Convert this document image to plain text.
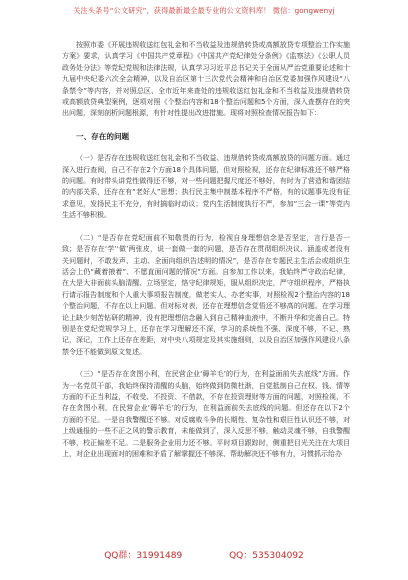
关注头条号“公文研究”，获得最新最全最专业的公文资料库！ 微信：gongwenyj

按照市委《开展违规收送红包礼金和不当收益及违规借转贷或高额放贷专项整治工作实施方案》要求，认真学习《中国共产党章程》《中国共产党纪律处分条例》《监察法》《公职人员政务处分法》等党纪党规和法律法规，认真学习习近平总书记关于全面从严治党重要论述和十九届中央纪委六次全会精神，以及自治区第十三次党代会精神和自治区党委加强作风建设“八条禁令”等内容，并对照总区、全市近年来查处的违规收送红包礼金和不当收益及违规借转贷或高额放贷典型案例，逐项对照《个整治内容和18个整治问题和5个方面，深入查摆存在的突出问题，深刻剖析问题根源，有针对性提出改进措施。现将对照检查情况报告如下：

一、存在的问题

（一）是否存在违规收送红包礼金和不当收益、违规借转贷或高额放贷的问题方面。通过深入进行查阅，自己不存在2个方面18个具体问题，但对照检视，还存在纪律标准还不够严格的问题。有时带头讲党性做得还不够，对一些问题把握尺度还不够好，有时为了营造和谐团结的内部关系，还存在有“老好人”思想；执行民主集中制基本程序不严格，有的议题事先没有征求意见，发扬民主不充分，有时搞临时动议；党内生活制度执行不严，参加“三会一课”等党内生活不够积极。

（二）“是否存在党纪面前不知敬畏的行为，检视自身理想信念是否坚定，言行是否一致；是否存在‘学’‘做’两张皮，说一套做一套的问题，是否存在贯彻组织决议、涵盖或者没有关问题时，不敢发声、主动、全面向组织告述明的情况”，是否存在专题民主生活会或组织生活会上仍“藏着掖着”、不愿直面问题的情况”方面。自参加工作以来，我始终严守政治纪律，在大是大非面前头脑清醒、立场坚定，恪守纪律规矩，服从组织决定，严守组织程序，严格执行请示报告制度和个人重大事项报告制度，做老实人、办老实事，对照检视2个整治内容的18个整治问题，不存在以上问题。但对标对表，还存在理想信念觉悟还不够高的问题。在学习理论上缺少刻苦钻研的精神，没有把理想信念融入到自己精神血液中，不断升华和完善自己。特别是在党纪党规学习上，还存在学习理解还不深，学习的系统性不强、深度不够，不记、熟记，深记，工作上还存在差距，对中央八项规定及其实施细则，以及自治区加强作风建设八条禁令还不能做到原文复述。

（三）“是否存在贪图小利，在民营企业‘薅羊毛’的行为，在利益面前失去底线”方面。作为一名党员干部，我始终保持清醒的头脑，始终做到防微杜渐，自觉抵制自己在权、钱、情等方面的不正当利益，不收受、不投资、不借款，不存在投资理财等方面的问题，对照检视，不存在贪图小利，在民营企业‘薅羊毛’的行为，在利益面前失去底线的问题。但还存在以下2个方面的不足。一是自我警醒还不够。对反腐败斗争的长期性、复杂性和艰巨性认识还不够，对上级通报的一些不正之风的警示教育，未能做到了，深入反思不够，触动灵魂不够，自我警醒不够，校正偏差不足。二是服务企业用力还不够。平时项目跟踪时，侧重把目光关注在大项目上，对企业出现面对的困难和矛盾了解掌握还不够深、帮助解决还不够有力，习惯抓示给办

QQ群：31991489	QQ：535304092
